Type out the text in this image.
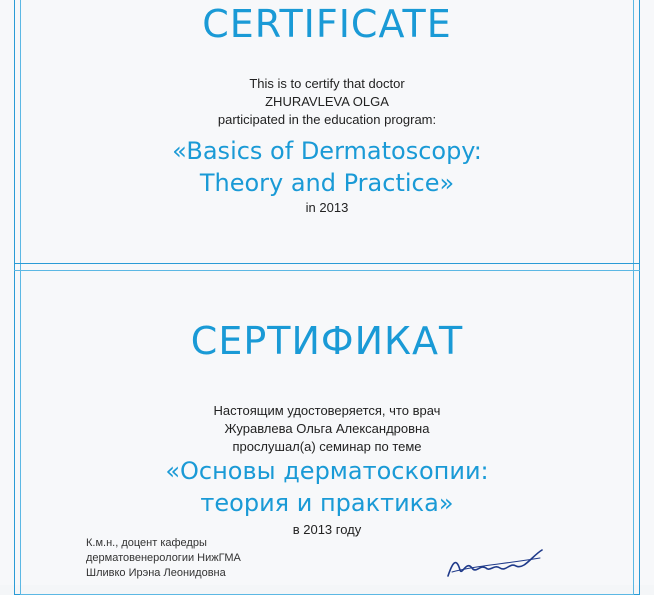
CERTIFICATE
This is to certify that doctor
ZHURAVLEVA OLGA
participated in the education program:
«Basics of Dermatoscopy:
Theory and Practice»
in 2013
СЕРТИФИКАТ
Настоящим удостоверяется, что врач
Журавлева Ольга Александровна
прослушал(а) семинар по теме
«Основы дерматоскопии:
теория и практика»
в 2013 году
К.м.н., доцент кафедры
дерматовенерологии НижГМА
Шливко Ирэна Леонидовна
